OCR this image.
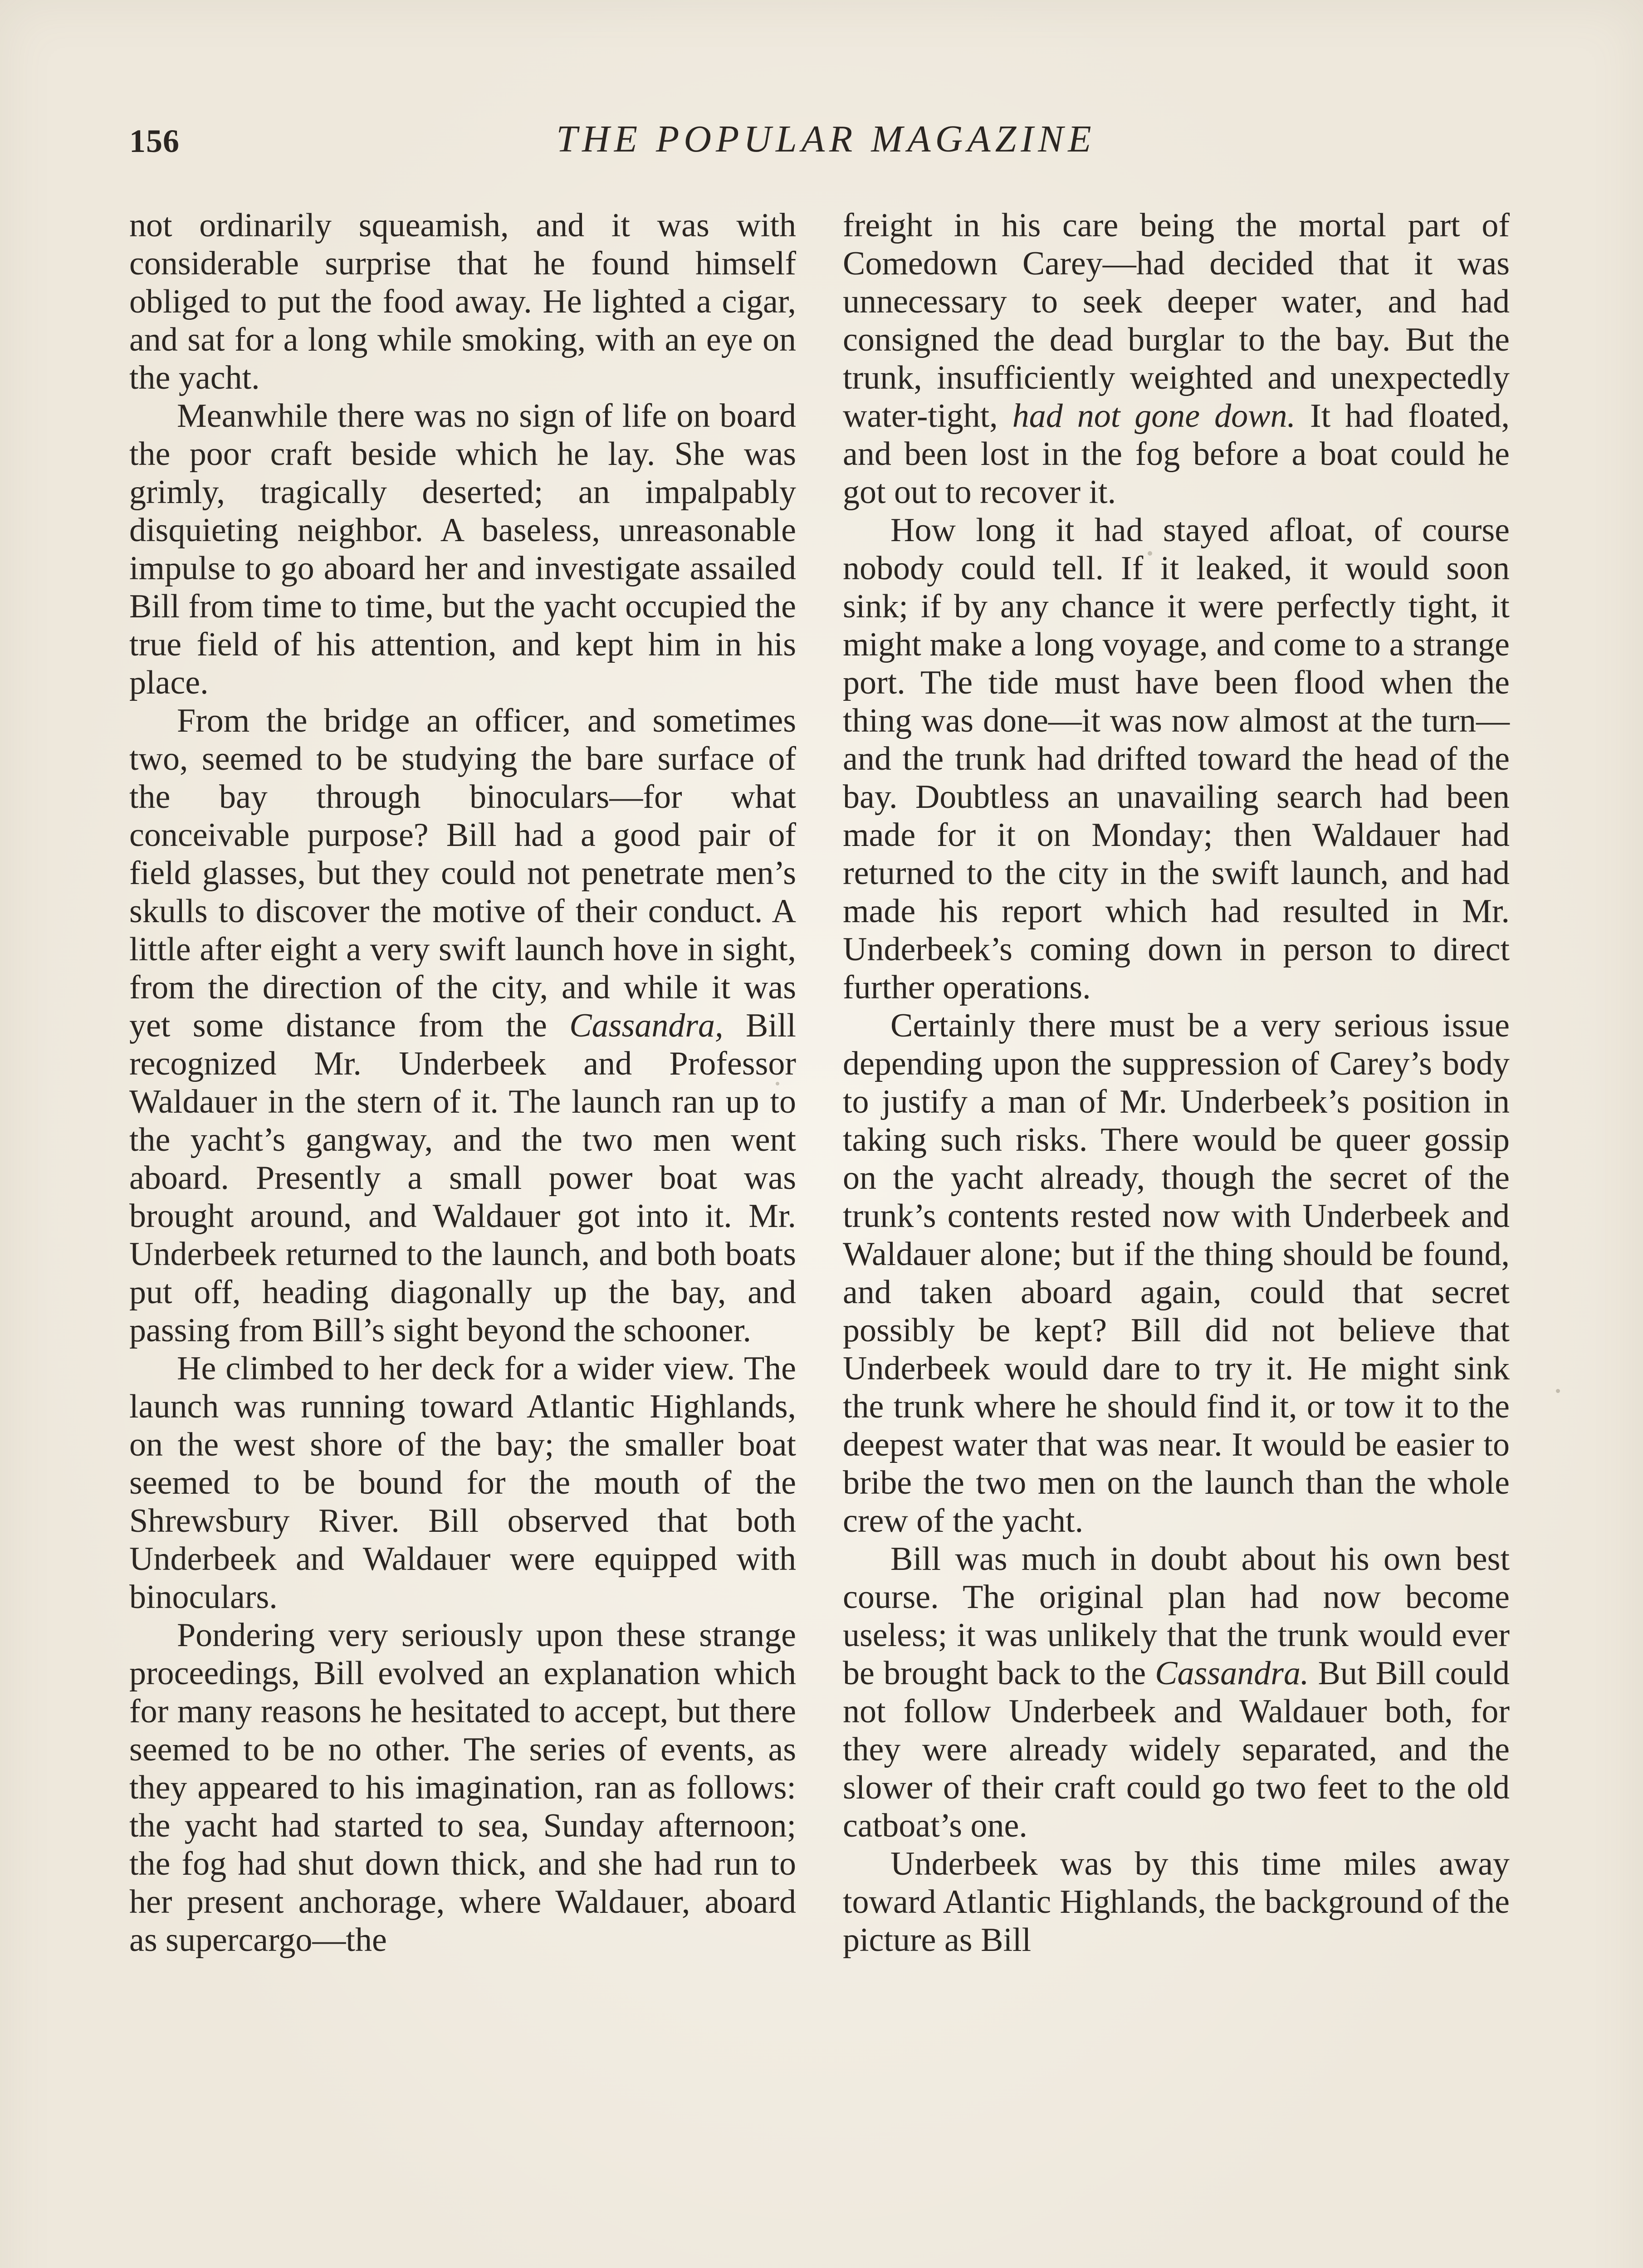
156	THE POPULAR MAGAZINE

not ordinarily squeamish, and it was with considerable surprise that he found himself obliged to put the food away. He lighted a cigar, and sat for a long while smoking, with an eye on the yacht.

Meanwhile there was no sign of life on board the poor craft beside which he lay. She was grimly, tragically deserted; an impalpably disquieting neighbor. A baseless, unreasonable impulse to go aboard her and investigate assailed Bill from time to time, but the yacht occupied the true field of his attention, and kept him in his place.

From the bridge an officer, and sometimes two, seemed to be studying the bare surface of the bay through binoculars—for what conceivable purpose? Bill had a good pair of field glasses, but they could not penetrate men’s skulls to discover the motive of their conduct. A little after eight a very swift launch hove in sight, from the direction of the city, and while it was yet some distance from the Cassandra, Bill recognized Mr. Underbeek and Professor Waldauer in the stern of it. The launch ran up to the yacht’s gangway, and the two men went aboard. Presently a small power boat was brought around, and Waldauer got into it. Mr. Underbeek returned to the launch, and both boats put off, heading diagonally up the bay, and passing from Bill’s sight beyond the schooner.

He climbed to her deck for a wider view. The launch was running toward Atlantic Highlands, on the west shore of the bay; the smaller boat seemed to be bound for the mouth of the Shrewsbury River. Bill observed that both Underbeek and Waldauer were equipped with binoculars.

Pondering very seriously upon these strange proceedings, Bill evolved an explanation which for many reasons he hesitated to accept, but there seemed to be no other. The series of events, as they appeared to his imagination, ran as follows: the yacht had started to sea, Sunday afternoon; the fog had shut down thick, and she had run to her present anchorage, where Waldauer, aboard as supercargo—the

freight in his care being the mortal part of Comedown Carey—had decided that it was unnecessary to seek deeper water, and had consigned the dead burglar to the bay. But the trunk, insufficiently weighted and unexpectedly water-tight, had not gone down. It had floated, and been lost in the fog before a boat could he got out to recover it.

How long it had stayed afloat, of course nobody could tell. If it leaked, it would soon sink; if by any chance it were perfectly tight, it might make a long voyage, and come to a strange port. The tide must have been flood when the thing was done—it was now almost at the turn—and the trunk had drifted toward the head of the bay. Doubtless an unavailing search had been made for it on Monday; then Waldauer had returned to the city in the swift launch, and had made his report which had resulted in Mr. Underbeek’s coming down in person to direct further operations.

Certainly there must be a very serious issue depending upon the suppression of Carey’s body to justify a man of Mr. Underbeek’s position in taking such risks. There would be queer gossip on the yacht already, though the secret of the trunk’s contents rested now with Underbeek and Waldauer alone; but if the thing should be found, and taken aboard again, could that secret possibly be kept? Bill did not believe that Underbeek would dare to try it. He might sink the trunk where he should find it, or tow it to the deepest water that was near. It would be easier to bribe the two men on the launch than the whole crew of the yacht.

Bill was much in doubt about his own best course. The original plan had now become useless; it was unlikely that the trunk would ever be brought back to the Cassandra. But Bill could not follow Underbeek and Waldauer both, for they were already widely separated, and the slower of their craft could go two feet to the old catboat’s one.

Underbeek was by this time miles away toward Atlantic Highlands, the background of the picture as Bill
